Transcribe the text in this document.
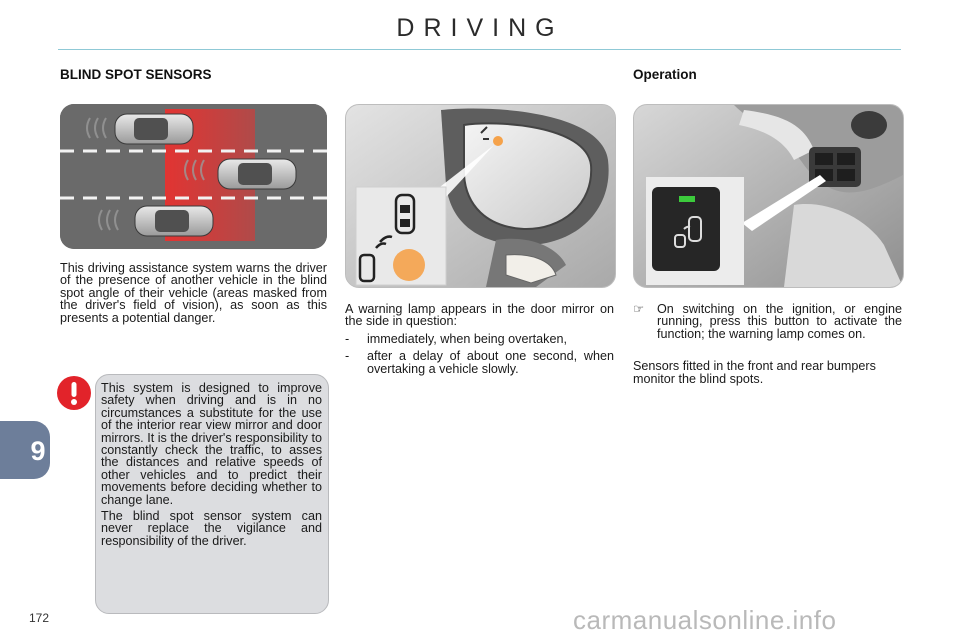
DRIVING
BLIND SPOT SENSORS	Operation
This driving assistance system warns the driver of the presence of another vehicle in the blind spot angle of their vehicle (areas masked from the driver's field of vision), as soon as this presents a potential danger.

This system is designed to improve safety when driving and is in no circumstances a substitute for the use of the interior rear view mirror and door mirrors. It is the driver's responsibility to constantly check the traffic, to asses the distances and relative speeds of other vehicles and to predict their movements before deciding whether to change lane.

The blind spot sensor system can never replace the vigilance and responsibility of the driver.

A warning lamp appears in the door mirror on the side in question:

- immediately, when being overtaken,
- after a delay of about one second, when overtaking a vehicle slowly.
☞ On switching on the ignition, or engine running, press this button to activate the function; the warning lamp comes on.

Sensors fitted in the front and rear bumpers monitor the blind spots.

9
172	carmanualsonline.info
